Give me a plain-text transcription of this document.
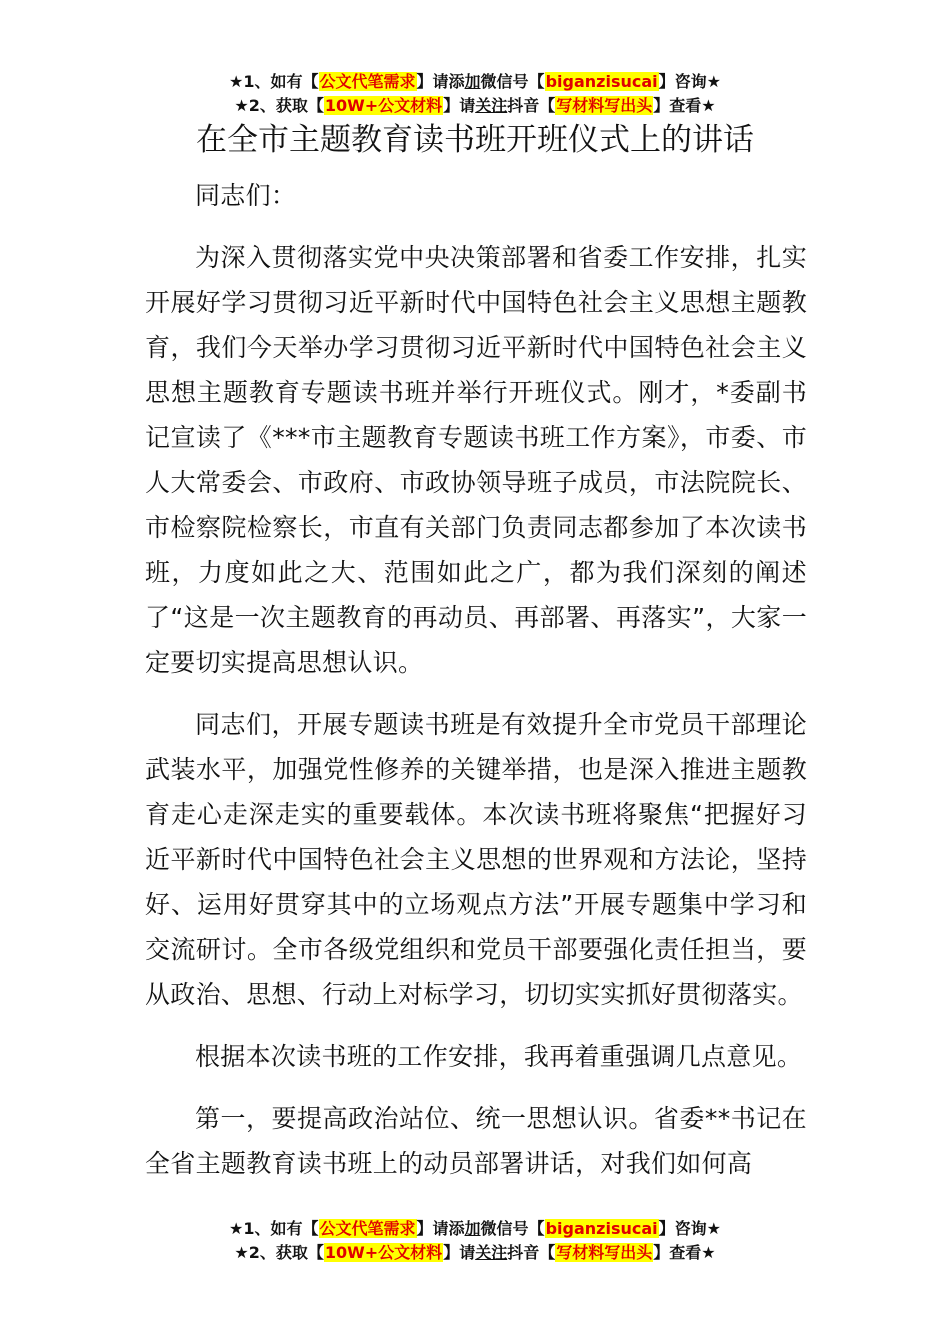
★1、如有【公文代笔需求】请添加微信号【biganzisucai】咨询★
★2、获取【10W+公文材料】请关注抖音【写材料写出头】查看★
在全市主题教育读书班开班仪式上的讲话

同志们：

为深入贯彻落实党中央决策部署和省委工作安排，扎实开展好学习贯彻习近平新时代中国特色社会主义思想主题教育，我们今天举办学习贯彻习近平新时代中国特色社会主义思想主题教育专题读书班并举行开班仪式。刚才，*委副书记宣读了《***市主题教育专题读书班工作方案》，市委、市人大常委会、市政府、市政协领导班子成员，市法院院长、市检察院检察长，市直有关部门负责同志都参加了本次读书班，力度如此之大、范围如此之广，都为我们深刻的阐述了“这是一次主题教育的再动员、再部署、再落实”，大家一定要切实提高思想认识。

同志们，开展专题读书班是有效提升全市党员干部理论武装水平，加强党性修养的关键举措，也是深入推进主题教育走心走深走实的重要载体。本次读书班将聚焦“把握好习近平新时代中国特色社会主义思想的世界观和方法论，坚持好、运用好贯穿其中的立场观点方法”开展专题集中学习和交流研讨。全市各级党组织和党员干部要强化责任担当，要从政治、思想、行动上对标学习，切切实实抓好贯彻落实。

根据本次读书班的工作安排，我再着重强调几点意见。

第一，要提高政治站位、统一思想认识。省委**书记在全省主题教育读书班上的动员部署讲话，对我们如何高

★1、如有【公文代笔需求】请添加微信号【biganzisucai】咨询★
★2、获取【10W+公文材料】请关注抖音【写材料写出头】查看★
